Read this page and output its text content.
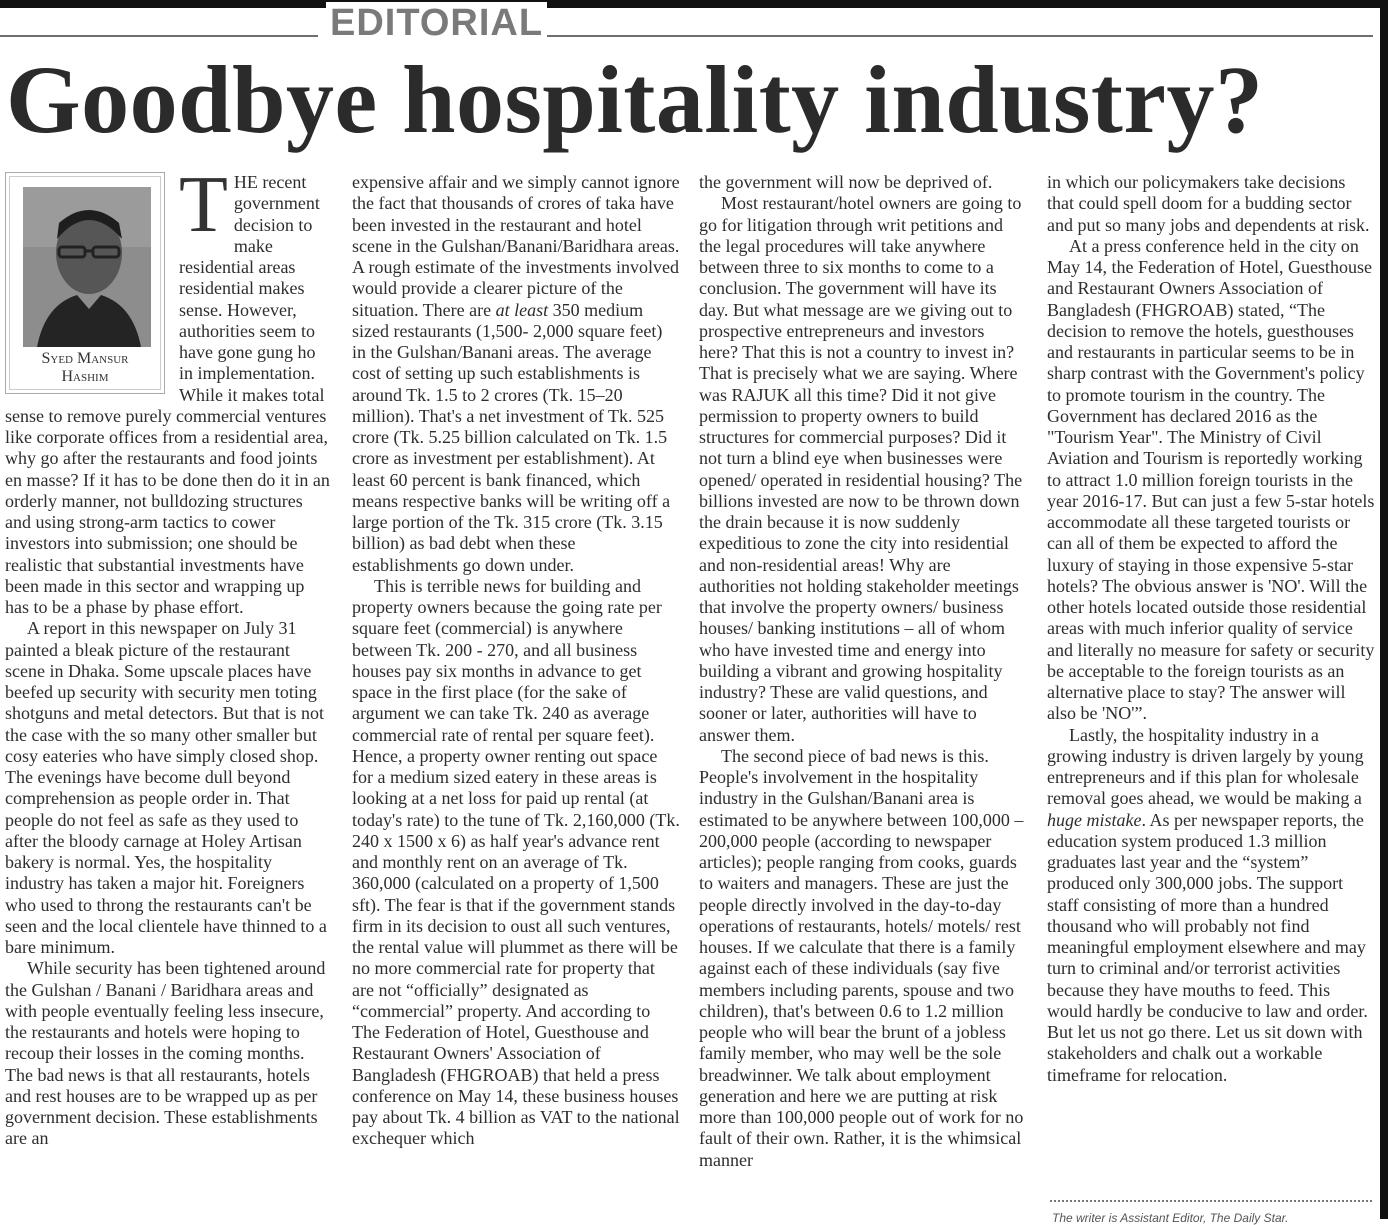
EDITORIAL
Goodbye hospitality industry?
Syed Mansur
Hashim

THE recent government decision to make residential areas residential makes sense. However, authorities seem to have gone gung ho in implementation. While it makes total sense to remove purely commercial ventures like corporate offices from a residential area, why go after the restaurants and food joints en masse? If it has to be done then do it in an orderly manner, not bulldozing structures and using strong-arm tactics to cower investors into submission; one should be realistic that substantial investments have been made in this sector and wrapping up has to be a phase by phase effort.

A report in this newspaper on July 31 painted a bleak picture of the restaurant scene in Dhaka. Some upscale places have beefed up security with security men toting shotguns and metal detectors. But that is not the case with the so many other smaller but cosy eateries who have simply closed shop. The evenings have become dull beyond comprehension as people order in. That people do not feel as safe as they used to after the bloody carnage at Holey Artisan bakery is normal. Yes, the hospitality industry has taken a major hit. Foreigners who used to throng the restaurants can't be seen and the local clientele have thinned to a bare minimum.

While security has been tightened around the Gulshan / Banani / Baridhara areas and with people eventually feeling less insecure, the restaurants and hotels were hoping to recoup their losses in the coming months. The bad news is that all restaurants, hotels and rest houses are to be wrapped up as per government decision. These establishments are an

expensive affair and we simply cannot ignore the fact that thousands of crores of taka have been invested in the restaurant and hotel scene in the Gulshan/Banani/Baridhara areas. A rough estimate of the investments involved would provide a clearer picture of the situation. There are at least 350 medium sized restaurants (1,500- 2,000 square feet) in the Gulshan/Banani areas. The average cost of setting up such establishments is around Tk. 1.5 to 2 crores (Tk. 15–20 million). That's a net investment of Tk. 525 crore (Tk. 5.25 billion calculated on Tk. 1.5 crore as investment per establishment). At least 60 percent is bank financed, which means respective banks will be writing off a large portion of the Tk. 315 crore (Tk. 3.15 billion) as bad debt when these establishments go down under.

This is terrible news for building and property owners because the going rate per square feet (commercial) is anywhere between Tk. 200 - 270, and all business houses pay six months in advance to get space in the first place (for the sake of argument we can take Tk. 240 as average commercial rate of rental per square feet). Hence, a property owner renting out space for a medium sized eatery in these areas is looking at a net loss for paid up rental (at today's rate) to the tune of Tk. 2,160,000 (Tk. 240 x 1500 x 6) as half year's advance rent and monthly rent on an average of Tk. 360,000 (calculated on a property of 1,500 sft). The fear is that if the government stands firm in its decision to oust all such ventures, the rental value will plummet as there will be no more commercial rate for property that are not “officially” designated as “commercial” property. And according to The Federation of Hotel, Guesthouse and Restaurant Owners' Association of Bangladesh (FHGROAB) that held a press conference on May 14, these business houses pay about Tk. 4 billion as VAT to the national exchequer which

the government will now be deprived of.

Most restaurant/hotel owners are going to go for litigation through writ petitions and the legal procedures will take anywhere between three to six months to come to a conclusion. The government will have its day. But what message are we giving out to prospective entrepreneurs and investors here? That this is not a country to invest in? That is precisely what we are saying. Where was RAJUK all this time? Did it not give permission to property owners to build structures for commercial purposes? Did it not turn a blind eye when businesses were opened/ operated in residential housing? The billions invested are now to be thrown down the drain because it is now suddenly expeditious to zone the city into residential and non-residential areas! Why are authorities not holding stakeholder meetings that involve the property owners/ business houses/ banking institutions – all of whom who have invested time and energy into building a vibrant and growing hospitality industry? These are valid questions, and sooner or later, authorities will have to answer them.

The second piece of bad news is this. People's involvement in the hospitality industry in the Gulshan/Banani area is estimated to be anywhere between 100,000 – 200,000 people (according to newspaper articles); people ranging from cooks, guards to waiters and managers. These are just the people directly involved in the day-to-day operations of restaurants, hotels/ motels/ rest houses. If we calculate that there is a family against each of these individuals (say five members including parents, spouse and two children), that's between 0.6 to 1.2 million people who will bear the brunt of a jobless family member, who may well be the sole breadwinner. We talk about employment generation and here we are putting at risk more than 100,000 people out of work for no fault of their own. Rather, it is the whimsical manner

in which our policymakers take decisions that could spell doom for a budding sector and put so many jobs and dependents at risk.

At a press conference held in the city on May 14, the Federation of Hotel, Guesthouse and Restaurant Owners Association of Bangladesh (FHGROAB) stated, “The decision to remove the hotels, guesthouses and restaurants in particular seems to be in sharp contrast with the Government's policy to promote tourism in the country. The Government has declared 2016 as the "Tourism Year". The Ministry of Civil Aviation and Tourism is reportedly working to attract 1.0 million foreign tourists in the year 2016-17. But can just a few 5-star hotels accommodate all these targeted tourists or can all of them be expected to afford the luxury of staying in those expensive 5-star hotels? The obvious answer is 'NO'. Will the other hotels located outside those residential areas with much inferior quality of service and literally no measure for safety or security be acceptable to the foreign tourists as an alternative place to stay? The answer will also be 'NO'”.

Lastly, the hospitality industry in a growing industry is driven largely by young entrepreneurs and if this plan for wholesale removal goes ahead, we would be making a huge mistake. As per newspaper reports, the education system produced 1.3 million graduates last year and the “system” produced only 300,000 jobs. The support staff consisting of more than a hundred thousand who will probably not find meaningful employment elsewhere and may turn to criminal and/or terrorist activities because they have mouths to feed. This would hardly be conducive to law and order. But let us not go there. Let us sit down with stakeholders and chalk out a workable timeframe for relocation.

The writer is Assistant Editor, The Daily Star.
